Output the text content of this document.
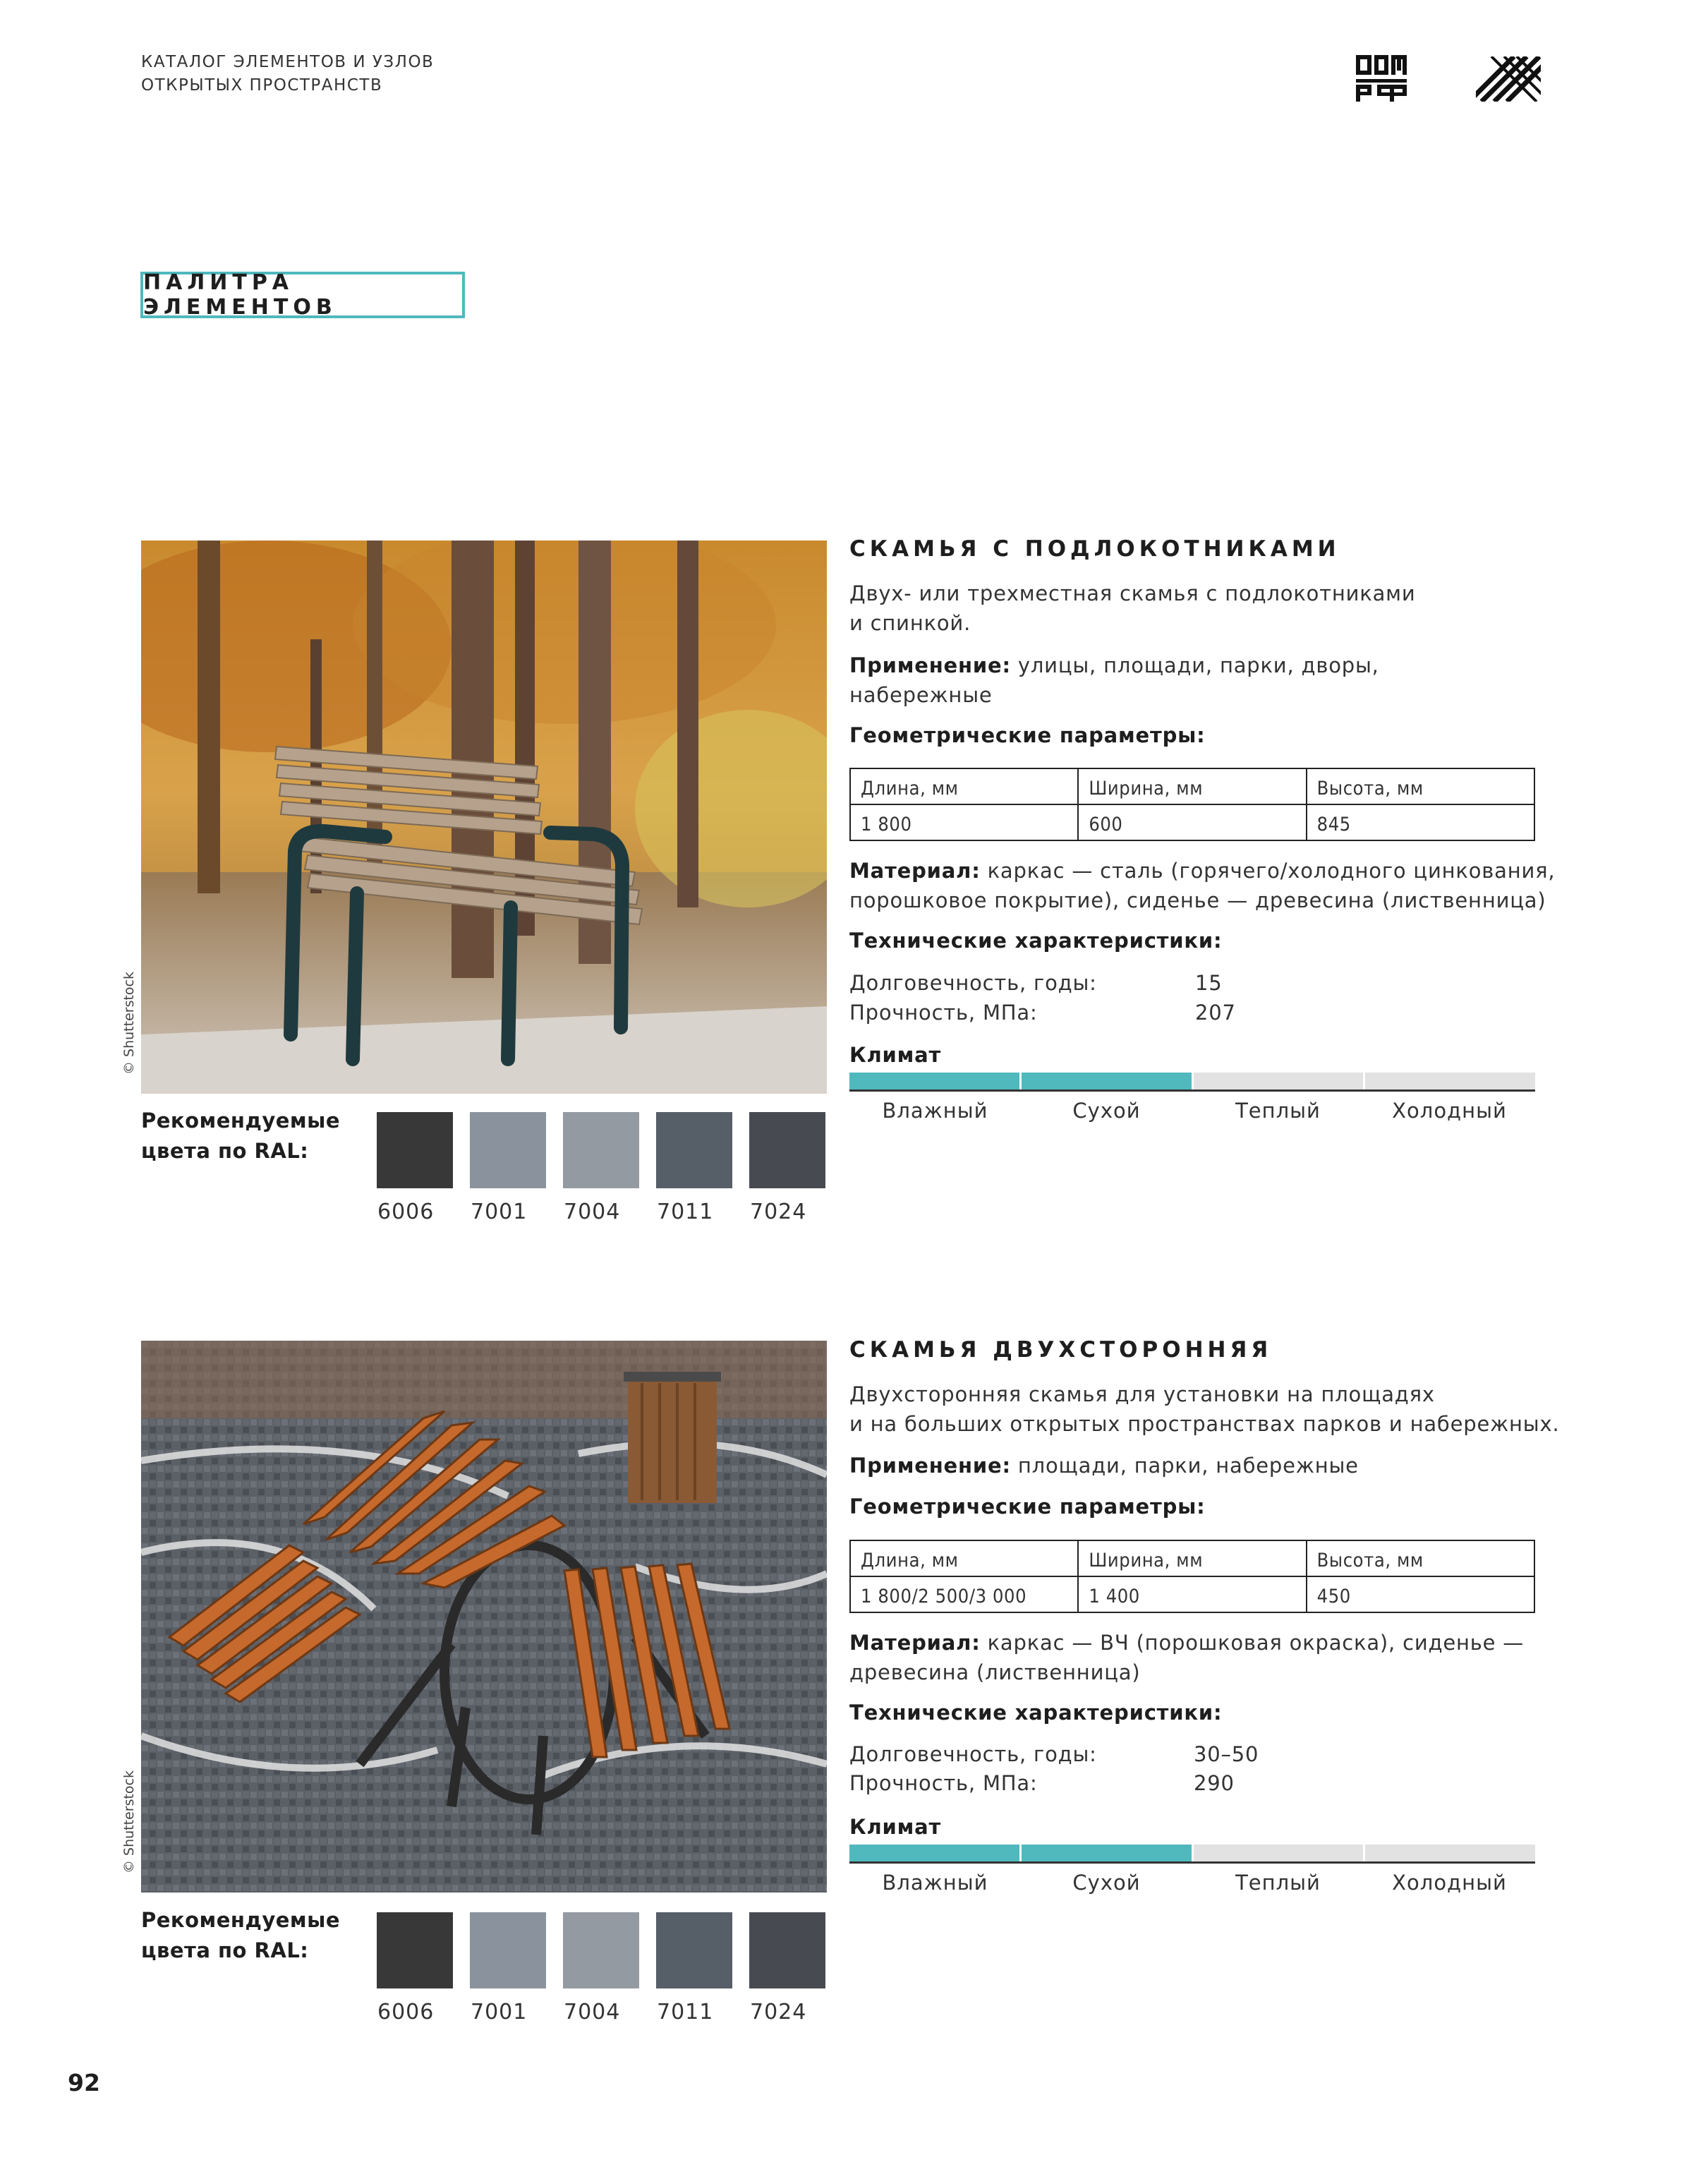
КАТАЛОГ ЭЛЕМЕНТОВ И УЗЛОВ
ОТКРЫТЫХ ПРОСТРАНСТВ
ПАЛИТРА ЭЛЕМЕНТОВ
© Shutterstock
Рекомендуемые
цвета по RAL:
6006	7001	7004	7011	7024
СКАМЬЯ С ПОДЛОКОТНИКАМИ
Двух- или трехместная скамья с подлокотниками
и спинкой.
Применение: улицы, площади, парки, дворы,
набережные
Геометрические параметры:
Длина, мм	Ширина, мм	Высота, мм
1 800	600	845
Материал: каркас — сталь (горячего/холодного цинкования,
порошковое покрытие), сиденье — древесина (лиственница)
Технические характеристики:
Долговечность, годы:	15
Прочность, МПа:	207
Климат
Влажный	Сухой	Теплый	Холодный
© Shutterstock
Рекомендуемые
цвета по RAL:
6006	7001	7004	7011	7024
СКАМЬЯ ДВУХСТОРОННЯЯ
Двухсторонняя скамья для установки на площадях
и на больших открытых пространствах парков и набережных.
Применение: площади, парки, набережные
Геометрические параметры:
Длина, мм	Ширина, мм	Высота, мм
1 800/2 500/3 000	1 400	450
Материал: каркас — ВЧ (порошковая окраска), сиденье —
древесина (лиственница)
Технические характеристики:
Долговечность, годы:	30–50
Прочность, МПа:	290
Климат
Влажный	Сухой	Теплый	Холодный
92
